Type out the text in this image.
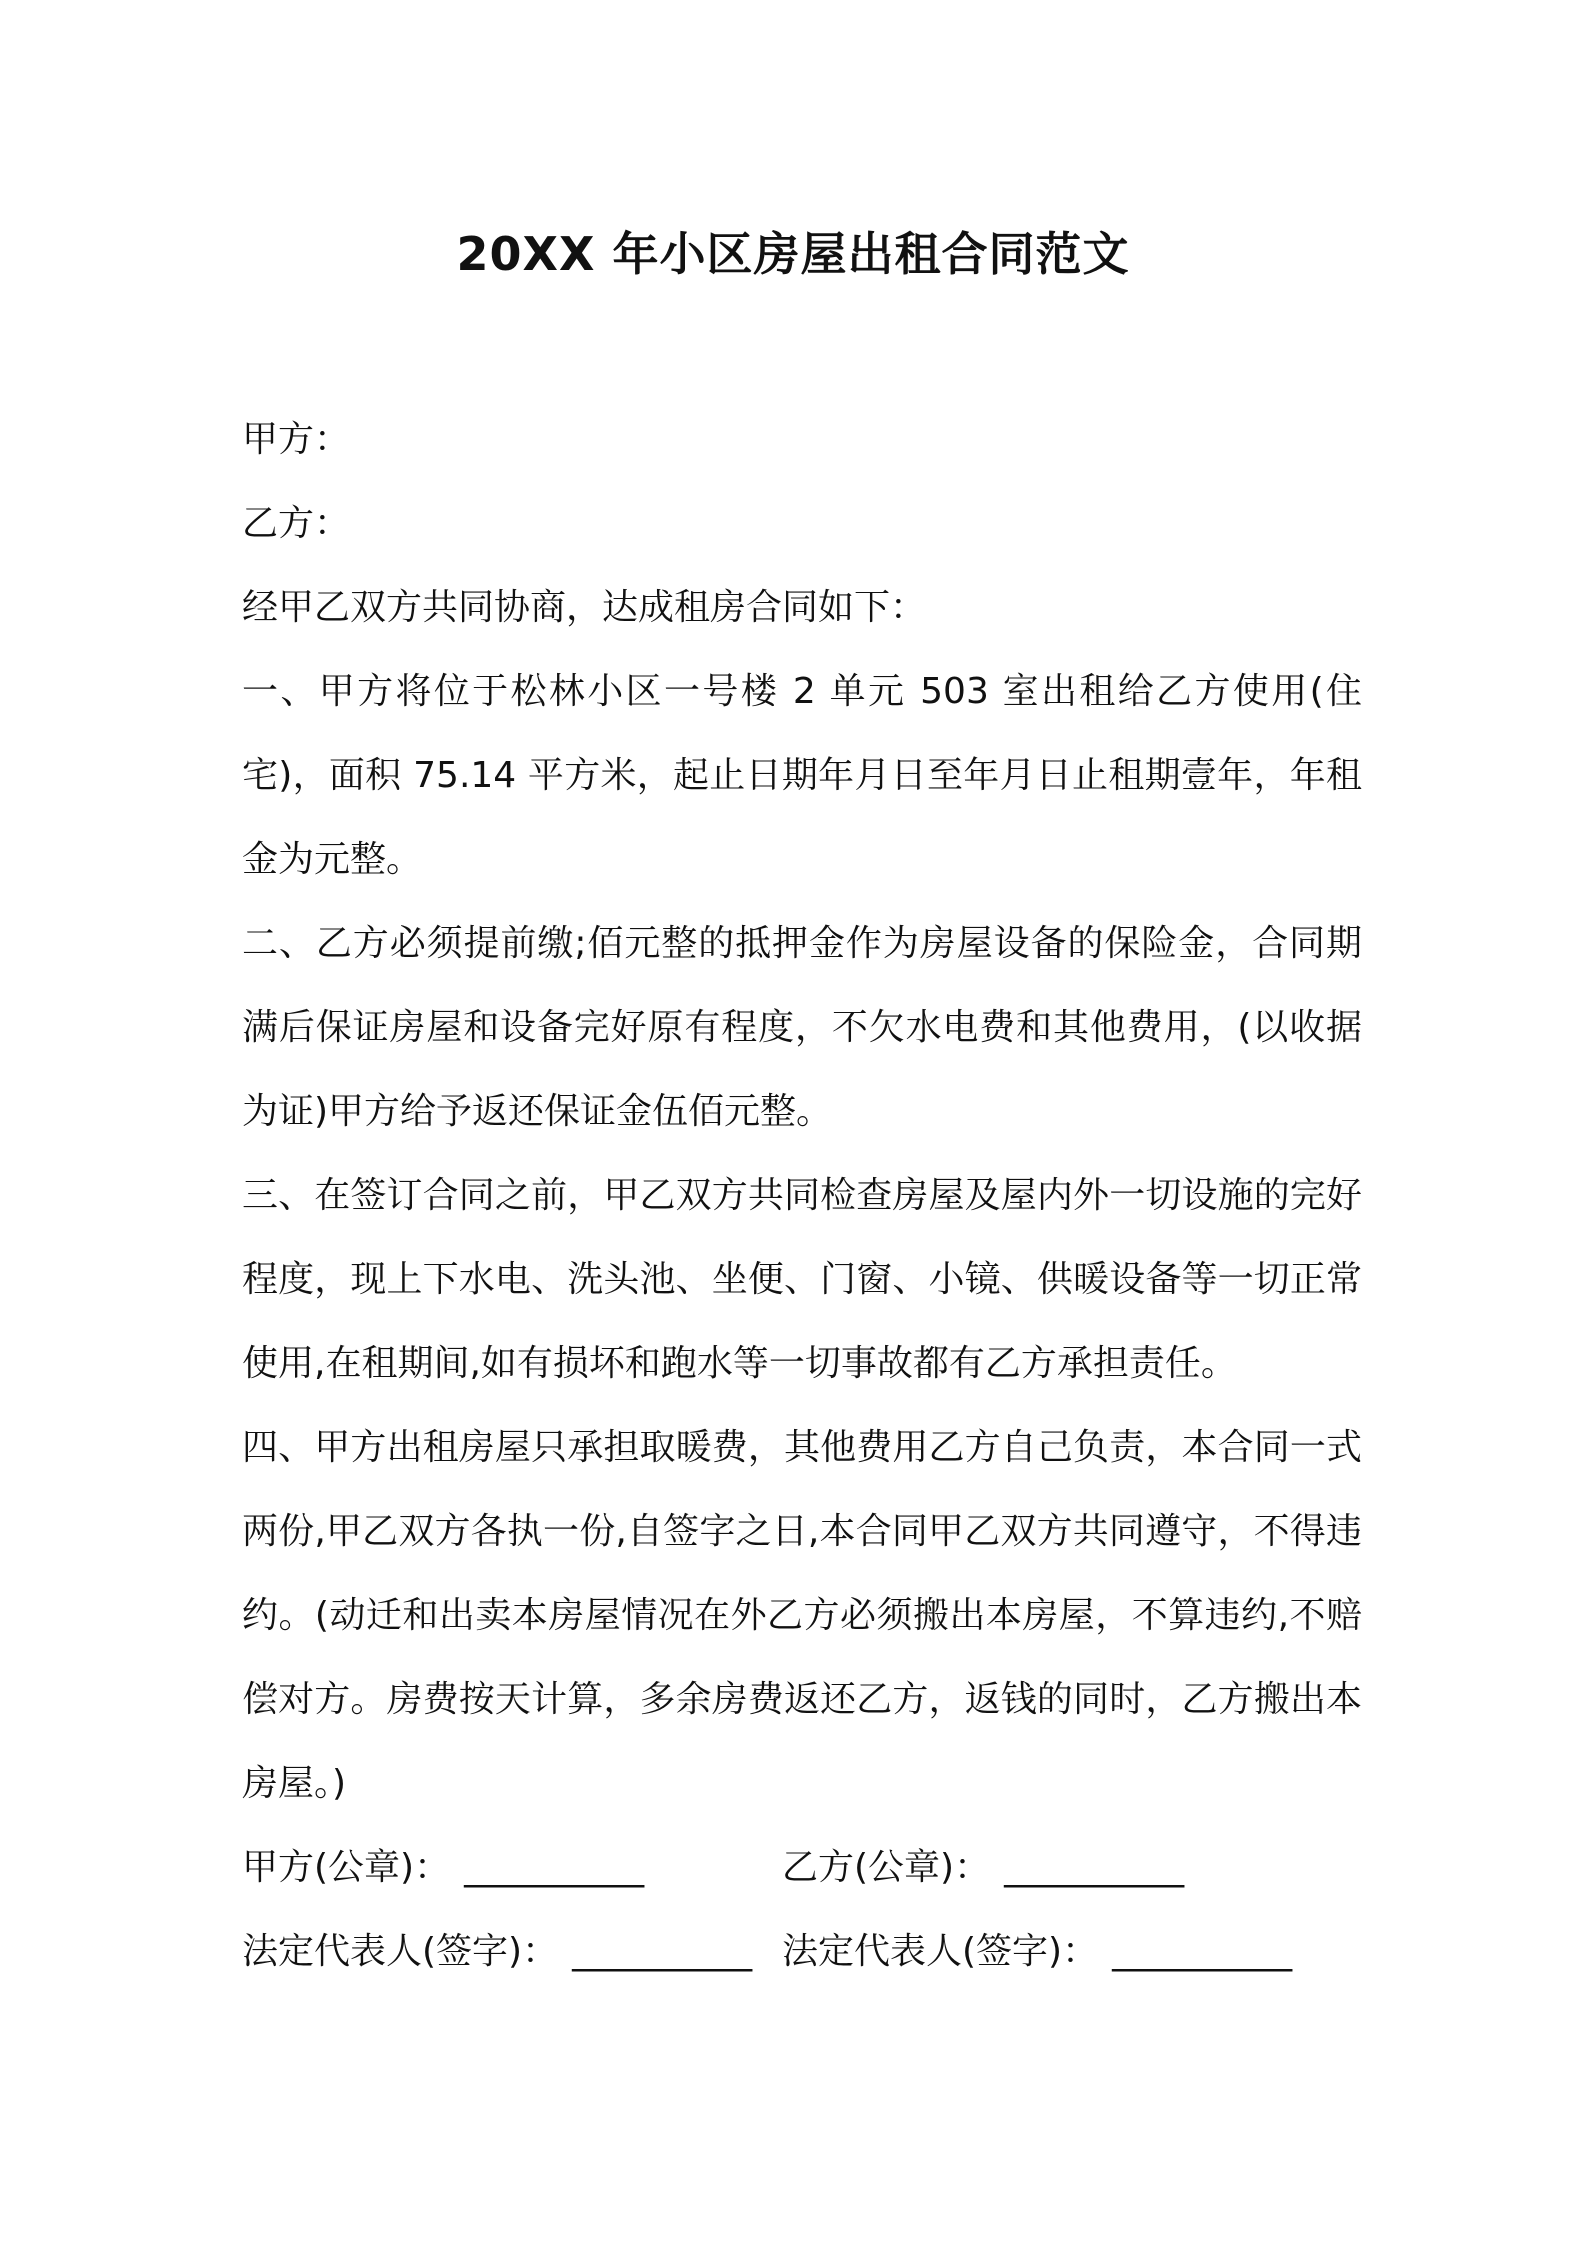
20XX 年小区房屋出租合同范文
甲方：
乙方：
经甲乙双方共同协商，达成租房合同如下：
一、甲方将位于松林小区一号楼 2 单元 503 室出租给乙方使用(住宅)，面积 75.14 平方米，起止日期年月日至年月日止租期壹年，年租金为元整。
二、乙方必须提前缴;佰元整的抵押金作为房屋设备的保险金，合同期满后保证房屋和设备完好原有程度，不欠水电费和其他费用，(以收据为证)甲方给予返还保证金伍佰元整。
三、在签订合同之前，甲乙双方共同检查房屋及屋内外一切设施的完好程度，现上下水电、洗头池、坐便、门窗、小镜、供暖设备等一切正常使用,在租期间,如有损坏和跑水等一切事故都有乙方承担责任。
四、甲方出租房屋只承担取暖费，其他费用乙方自己负责，本合同一式两份,甲乙双方各执一份,自签字之日,本合同甲乙双方共同遵守，不得违约。(动迁和出卖本房屋情况在外乙方必须搬出本房屋，不算违约,不赔偿对方。房费按天计算，多余房费返还乙方，返钱的同时，乙方搬出本房屋。)
甲方(公章)： __________	乙方(公章)： __________
法定代表人(签字)： __________ 法定代表人(签字)： __________
